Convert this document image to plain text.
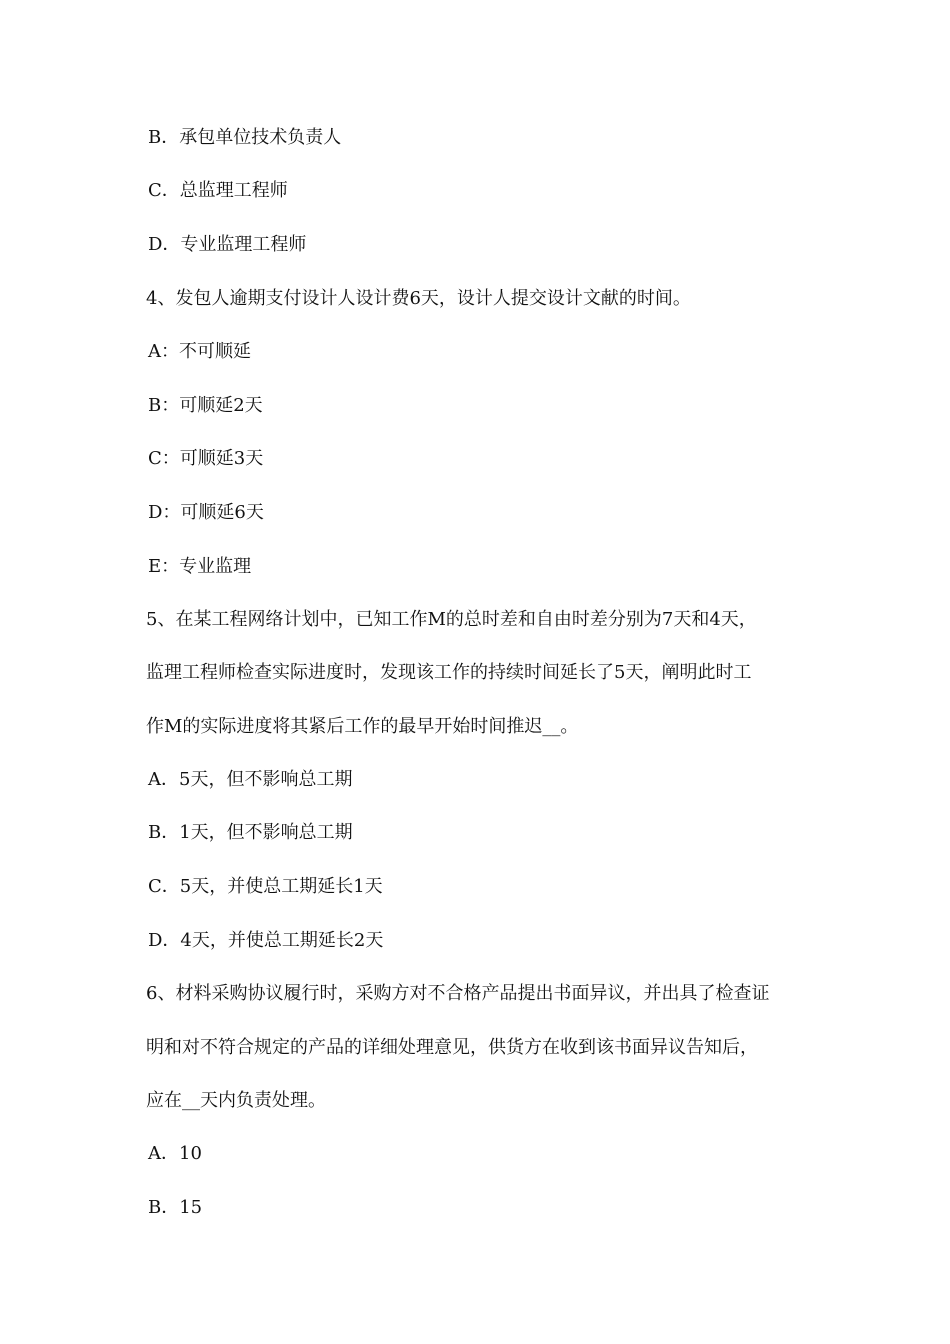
B．承包单位技术负责人
C．总监理工程师
D．专业监理工程师
4、发包人逾期支付设计人设计费6天，设计人提交设计文献的时间。
A：不可顺延
B：可顺延2天
C：可顺延3天
D：可顺延6天
E：专业监理
5、在某工程网络计划中，已知工作M的总时差和自由时差分别为7天和4天，
监理工程师检查实际进度时，发现该工作的持续时间延长了5天，阐明此时工
作M的实际进度将其紧后工作的最早开始时间推迟__。
A．5天，但不影响总工期
B．1天，但不影响总工期
C．5天，并使总工期延长1天
D．4天，并使总工期延长2天
6、材料采购协议履行时，采购方对不合格产品提出书面异议，并出具了检查证
明和对不符合规定的产品的详细处理意见，供货方在收到该书面异议告知后，
应在__天内负责处理。
A．10
B．15
